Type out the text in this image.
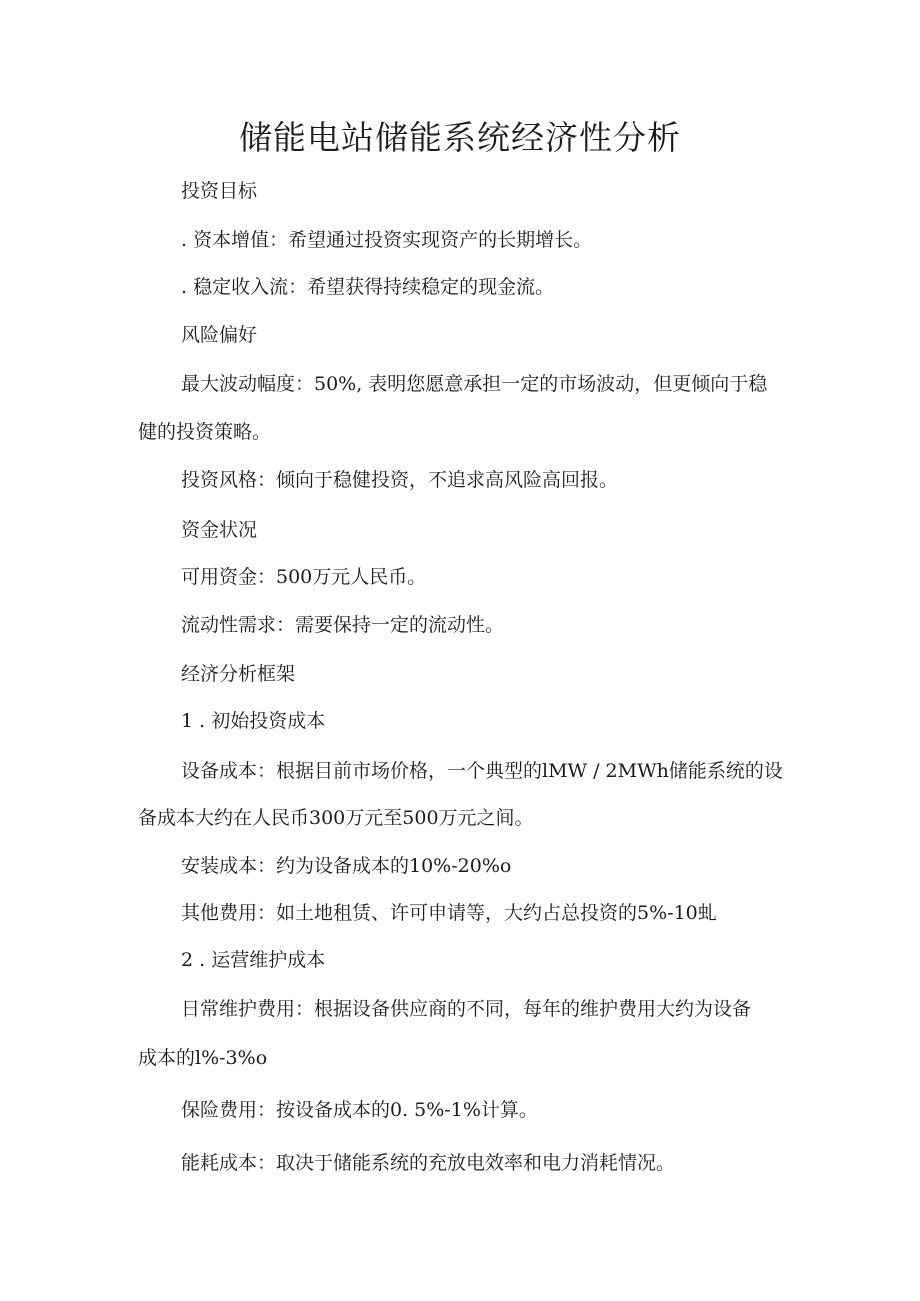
储能电站储能系统经济性分析

投资目标

. 资本增值：希望通过投资实现资产的长期增长。

. 稳定收入流：希望获得持续稳定的现金流。

风险偏好

最大波动幅度：50%, 表明您愿意承担一定的市场波动，但更倾向于稳

健的投资策略。

投资风格：倾向于稳健投资，不追求高风险高回报。

资金状况

可用资金：500万元人民币。

流动性需求：需要保持一定的流动性。

经济分析框架

1 . 初始投资成本

设备成本：根据目前市场价格，一个典型的lMW / 2MWh储能系统的设

备成本大约在人民币300万元至500万元之间。

安装成本：约为设备成本的10%-20%o

其他费用：如土地租赁、许可申请等，大约占总投资的5%-10虬

2 . 运营维护成本

日常维护费用：根据设备供应商的不同，每年的维护费用大约为设备

成本的l%-3%o

保险费用：按设备成本的0. 5%-1%计算。

能耗成本：取决于储能系统的充放电效率和电力消耗情况。
